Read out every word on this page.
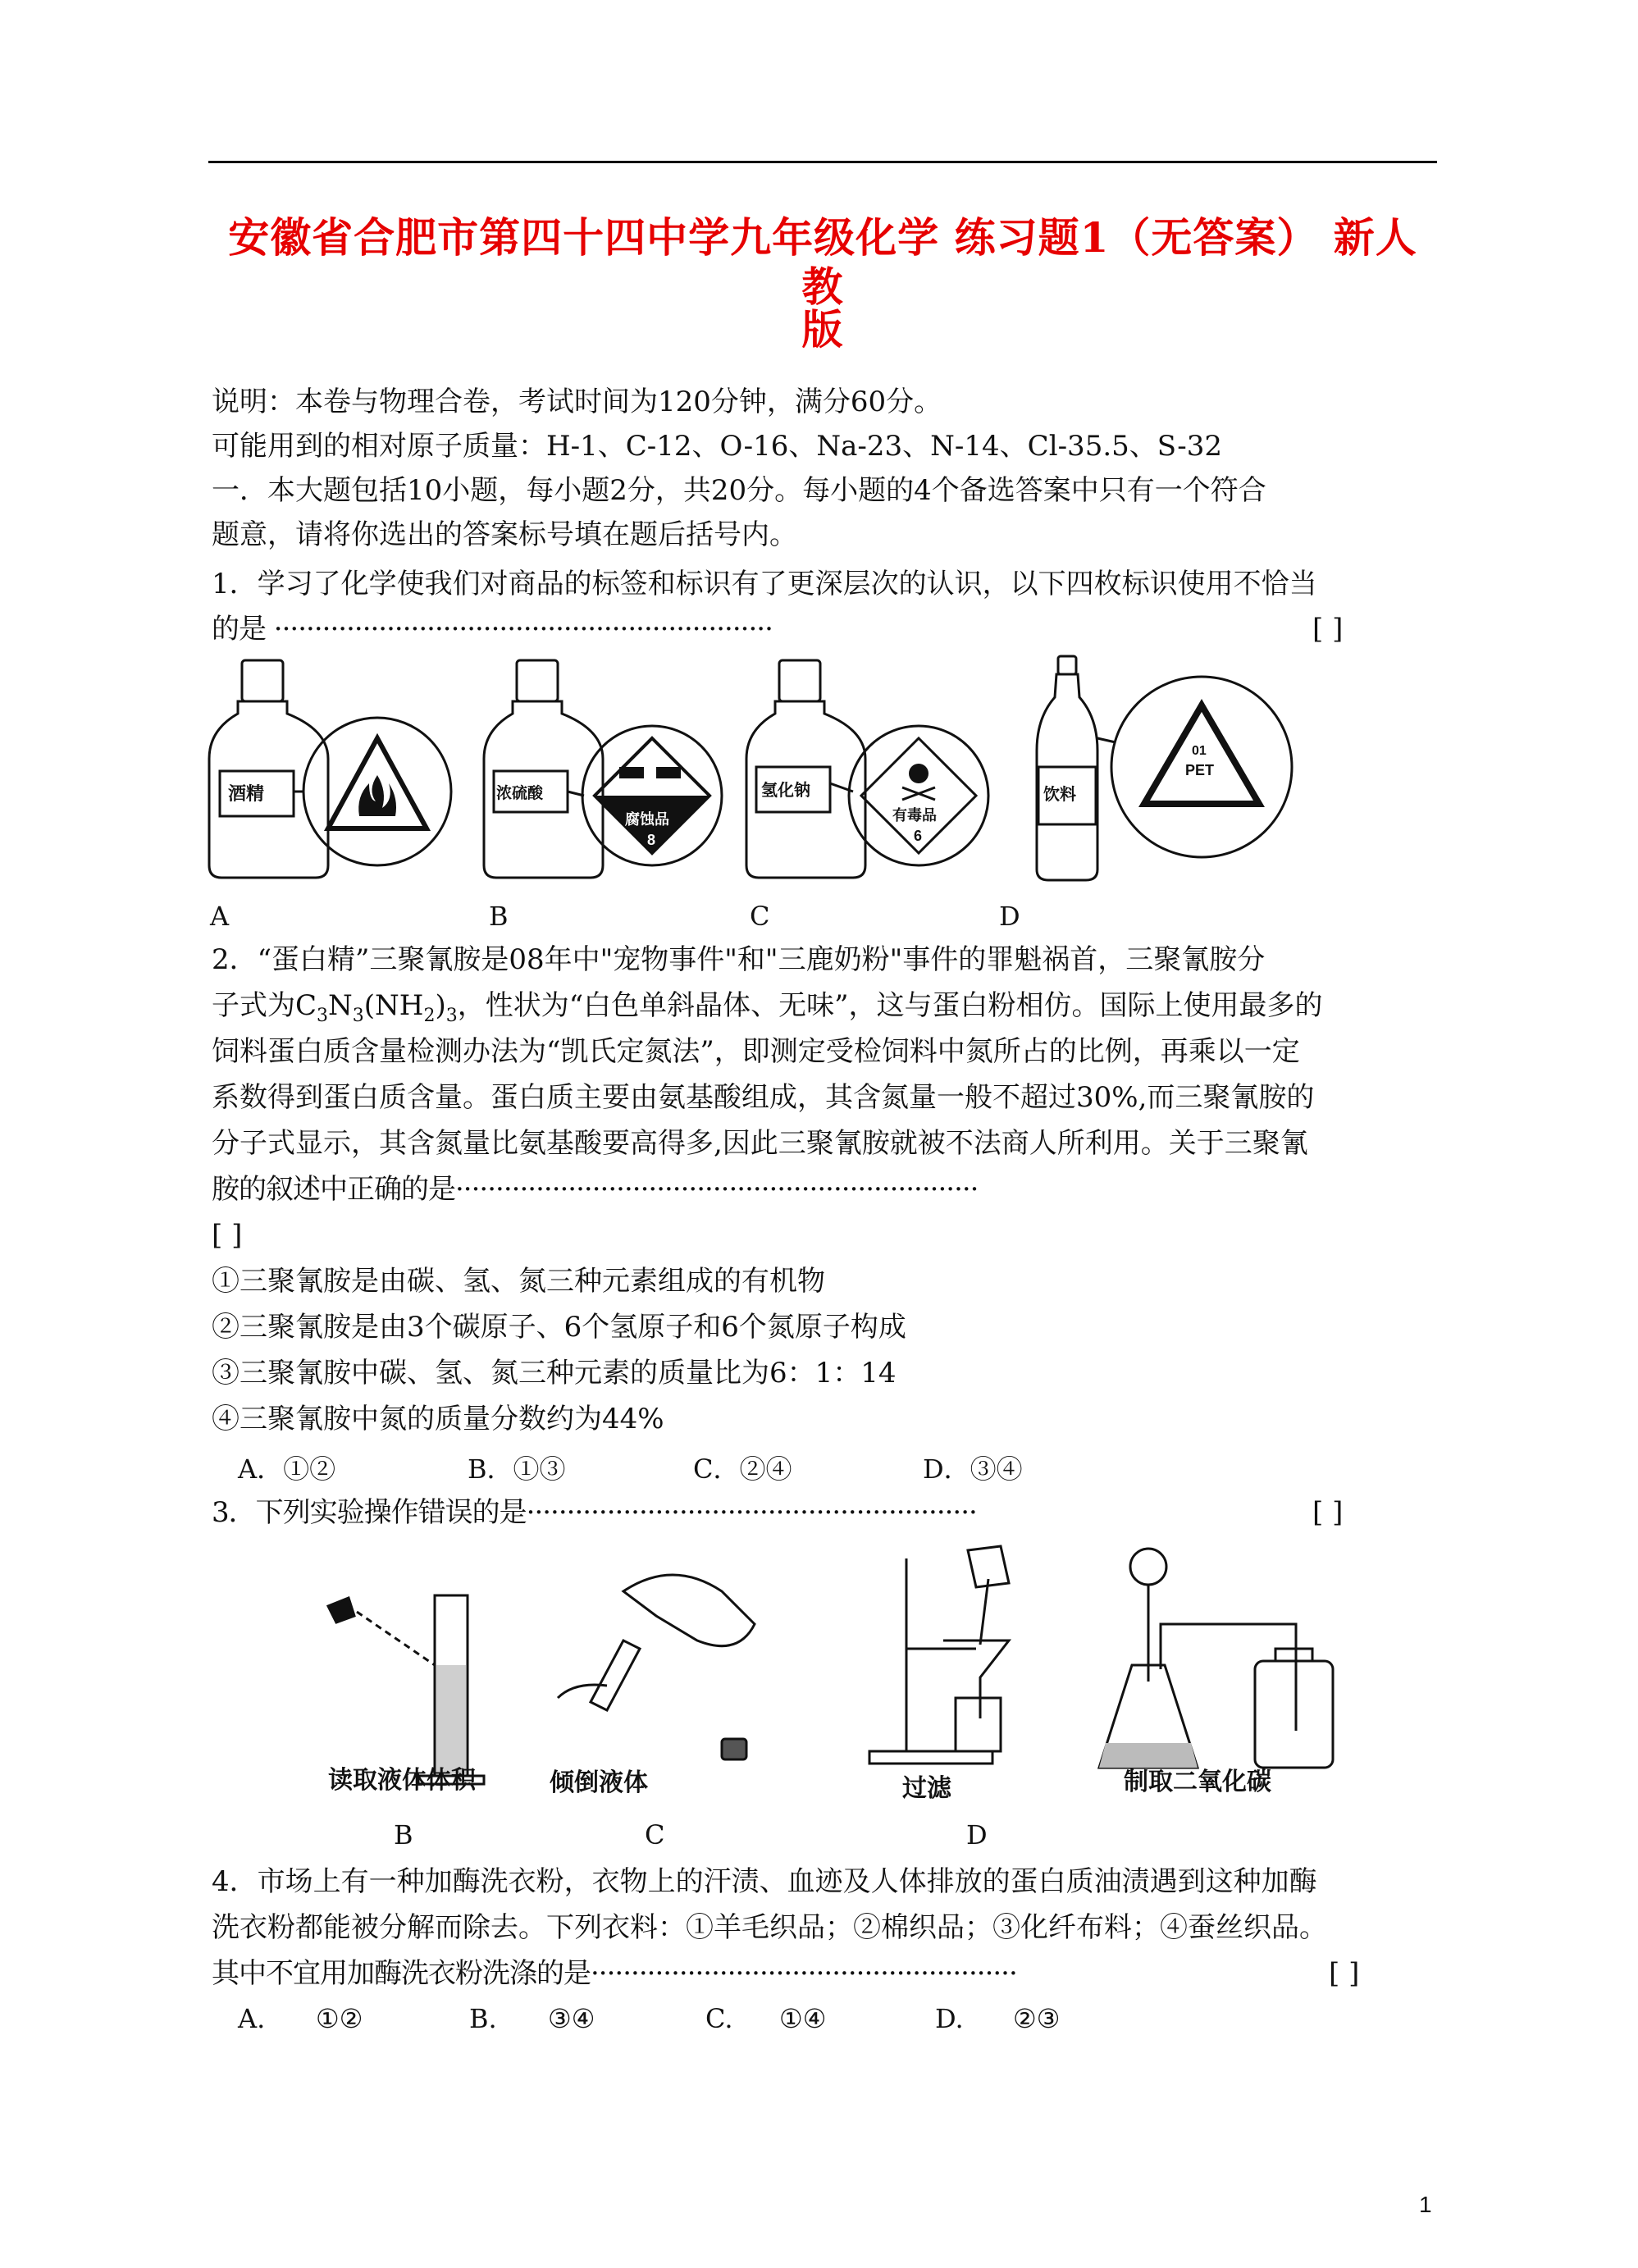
安徽省合肥市第四十四中学九年级化学 练习题1（无答案） 新人教
版
说明：本卷与物理合卷，考试时间为120分钟，满分60分。
可能用到的相对原子质量：H-1、C-12、O-16、Na-23、N-14、Cl-35.5、S-32
一．本大题包括10小题，每小题2分，共20分。每小题的4个备选答案中只有一个符合
题意，请将你选出的答案标号填在题后括号内。
1．学习了化学使我们对商品的标签和标识有了更深层次的认识，以下四枚标识使用不恰当
的是 ······························································	[ ]
酒精	浓硫酸	氢化钠	饮料
腐蚀品
8
有毒品
6
01
PET
A	B	C	D
2．“蛋白精”三聚氰胺是08年中"宠物事件"和"三鹿奶粉"事件的罪魁祸首，三聚氰胺分
子式为$C_3N_3(NH_2)_3$，性状为“白色单斜晶体、无味”，这与蛋白粉相仿。国际上使用最多的
饲料蛋白质含量检测办法为“凯氏定氮法”，即测定受检饲料中氮所占的比例，再乘以一定
系数得到蛋白质含量。蛋白质主要由氨基酸组成，其含氮量一般不超过30%,而三聚氰胺的
分子式显示，其含氮量比氨基酸要高得多,因此三聚氰胺就被不法商人所利用。关于三聚氰
胺的叙述中正确的是·································································
[ ]
①三聚氰胺是由碳、氢、氮三种元素组成的有机物
②三聚氰胺是由3个碳原子、6个氢原子和6个氮原子构成
③三聚氰胺中碳、氢、氮三种元素的质量比为6：1：14
④三聚氰胺中氮的质量分数约为44%
A．①②	B．①③	C．②④	D．③④
3．下列实验操作错误的是························································	[ ]
读取液体体积	倾倒液体	过滤	制取二氧化碳
B	C	D
4．市场上有一种加酶洗衣粉，衣物上的汗渍、血迹及人体排放的蛋白质油渍遇到这种加酶
洗衣粉都能被分解而除去。下列衣料：①羊毛织品；②棉织品；③化纤布料；④蚕丝织品。
其中不宜用加酶洗衣粉洗涤的是·····················································	[ ]
A. ①②	B. ③④	C. ①④	D. ②③
1
